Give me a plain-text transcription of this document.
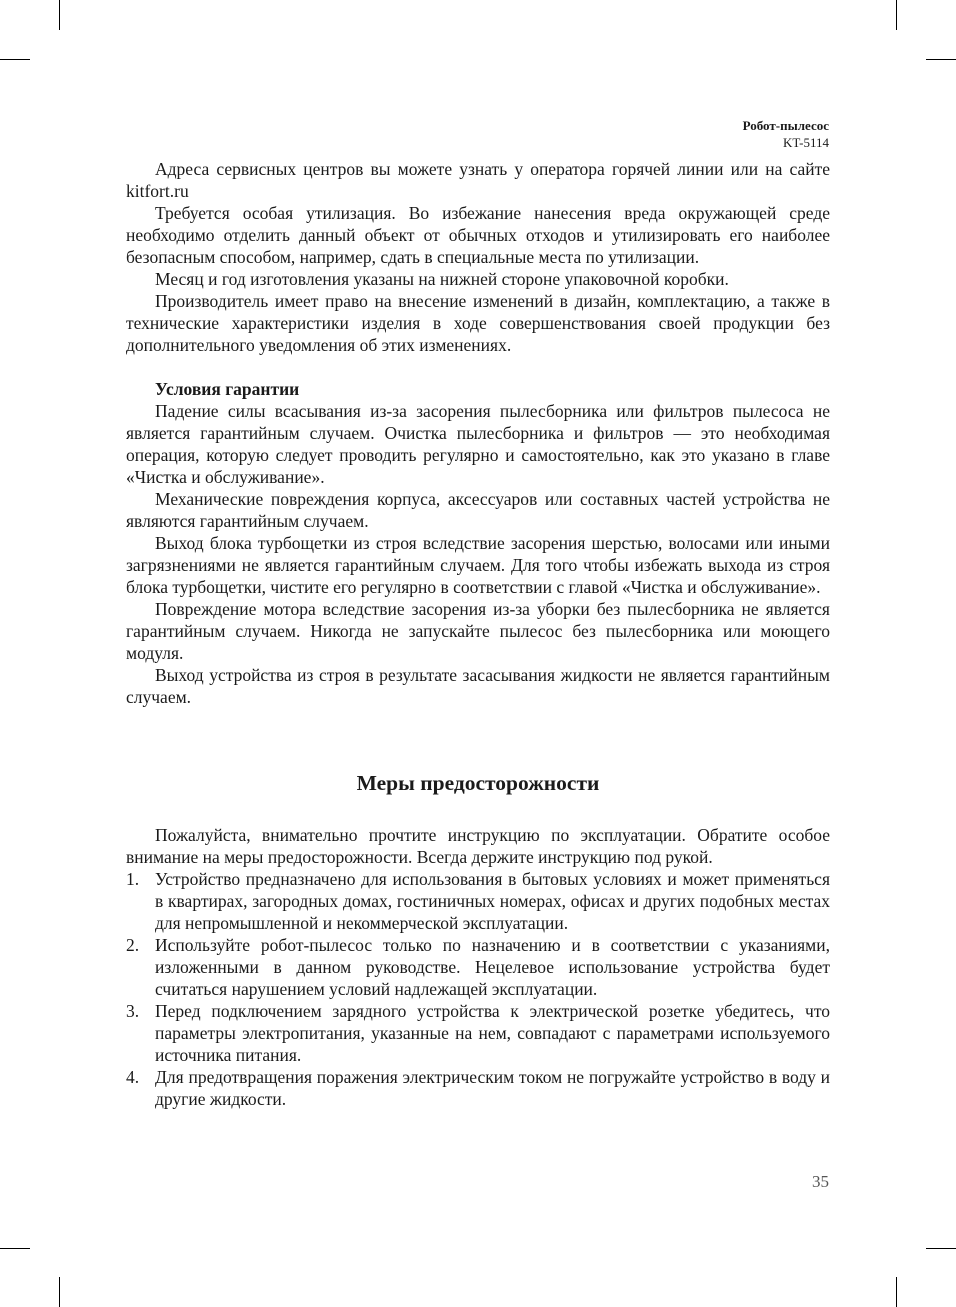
Робот-пылесос
KT-5114

Адреса сервисных центров вы можете узнать у оператора горячей линии или на сайте kitfort.ru

Требуется особая утилизация. Во избежание нанесения вреда окружающей среде необходимо отделить данный объект от обычных отходов и утилизировать его наиболее безопасным способом, например, сдать в специальные места по утилизации.

Месяц и год изготовления указаны на нижней стороне упаковочной коробки.

Производитель имеет право на внесение изменений в дизайн, комплектацию, а также в технические характеристики изделия в ходе совершенствования своей продукции без дополнительного уведомления об этих изменениях.

Условия гарантии

Падение силы всасывания из-за засорения пылесборника или фильтров пылесоса не является гарантийным случаем. Очистка пылесборника и фильтров — это необходимая операция, которую следует проводить регулярно и самостоятельно, как это указано в главе «Чистка и обслуживание».

Механические повреждения корпуса, аксессуаров или составных частей устройства не являются гарантийным случаем.

Выход блока турбощетки из строя вследствие засорения шерстью, волосами или иными загрязнениями не является гарантийным случаем. Для того чтобы избежать выхода из строя блока турбощетки, чистите его регулярно в соответствии с главой «Чистка и обслуживание».

Повреждение мотора вследствие засорения из-за уборки без пылесборника не является гарантийным случаем. Никогда не запускайте пылесос без пылесборника или моющего модуля.

Выход устройства из строя в результате засасывания жидкости не является гарантийным случаем.

Меры предосторожности

Пожалуйста, внимательно прочтите инструкцию по эксплуатации. Обратите особое внимание на меры предосторожности. Всегда держите инструкцию под рукой.

1. Устройство предназначено для использования в бытовых условиях и может применяться в квартирах, загородных домах, гостиничных номерах, офисах и других подобных местах для непромышленной и некоммерческой эксплуатации.
2. Используйте робот-пылесос только по назначению и в соответствии с указаниями, изложенными в данном руководстве. Нецелевое использование устройства будет считаться нарушением условий надлежащей эксплуатации.
3. Перед подключением зарядного устройства к электрической розетке убедитесь, что параметры электропитания, указанные на нем, совпадают с параметрами используемого источника питания.
4. Для предотвращения поражения электрическим током не погружайте устройство в воду и другие жидкости.
35
